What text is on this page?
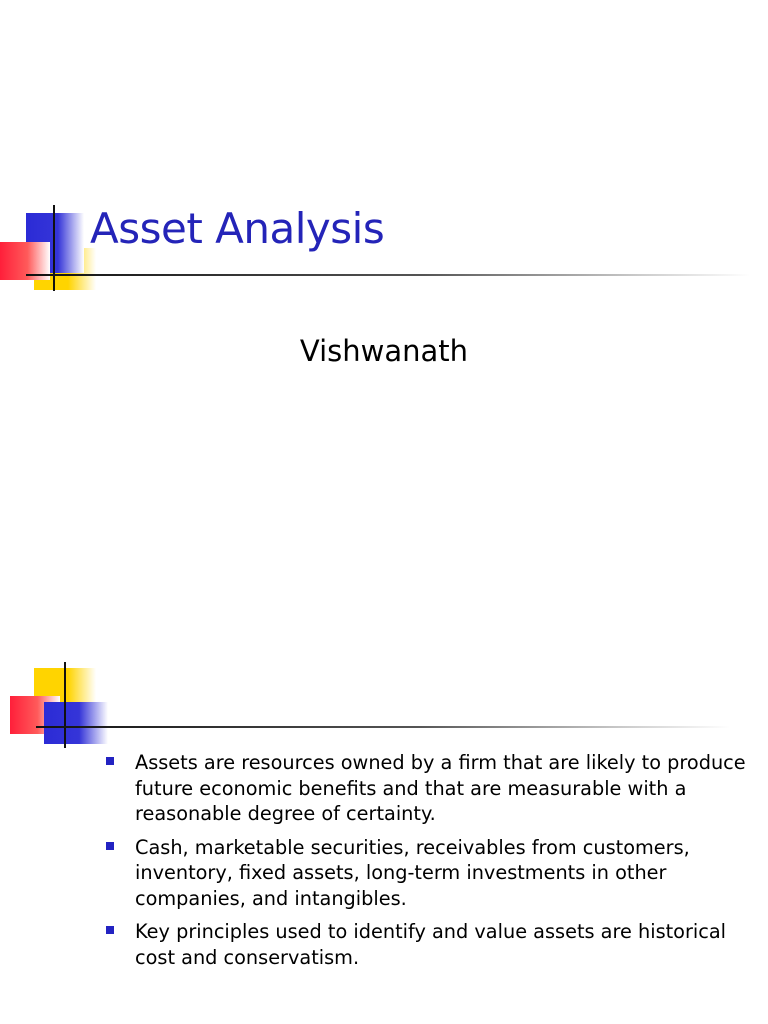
Asset Analysis
Vishwanath
Assets are resources owned by a firm that are likely to produce future economic benefits and that are measurable with a reasonable degree of certainty.
Cash, marketable securities, receivables from customers, inventory, fixed assets, long-term investments in other companies, and intangibles.
Key principles used to identify and value assets are historical cost and conservatism.
